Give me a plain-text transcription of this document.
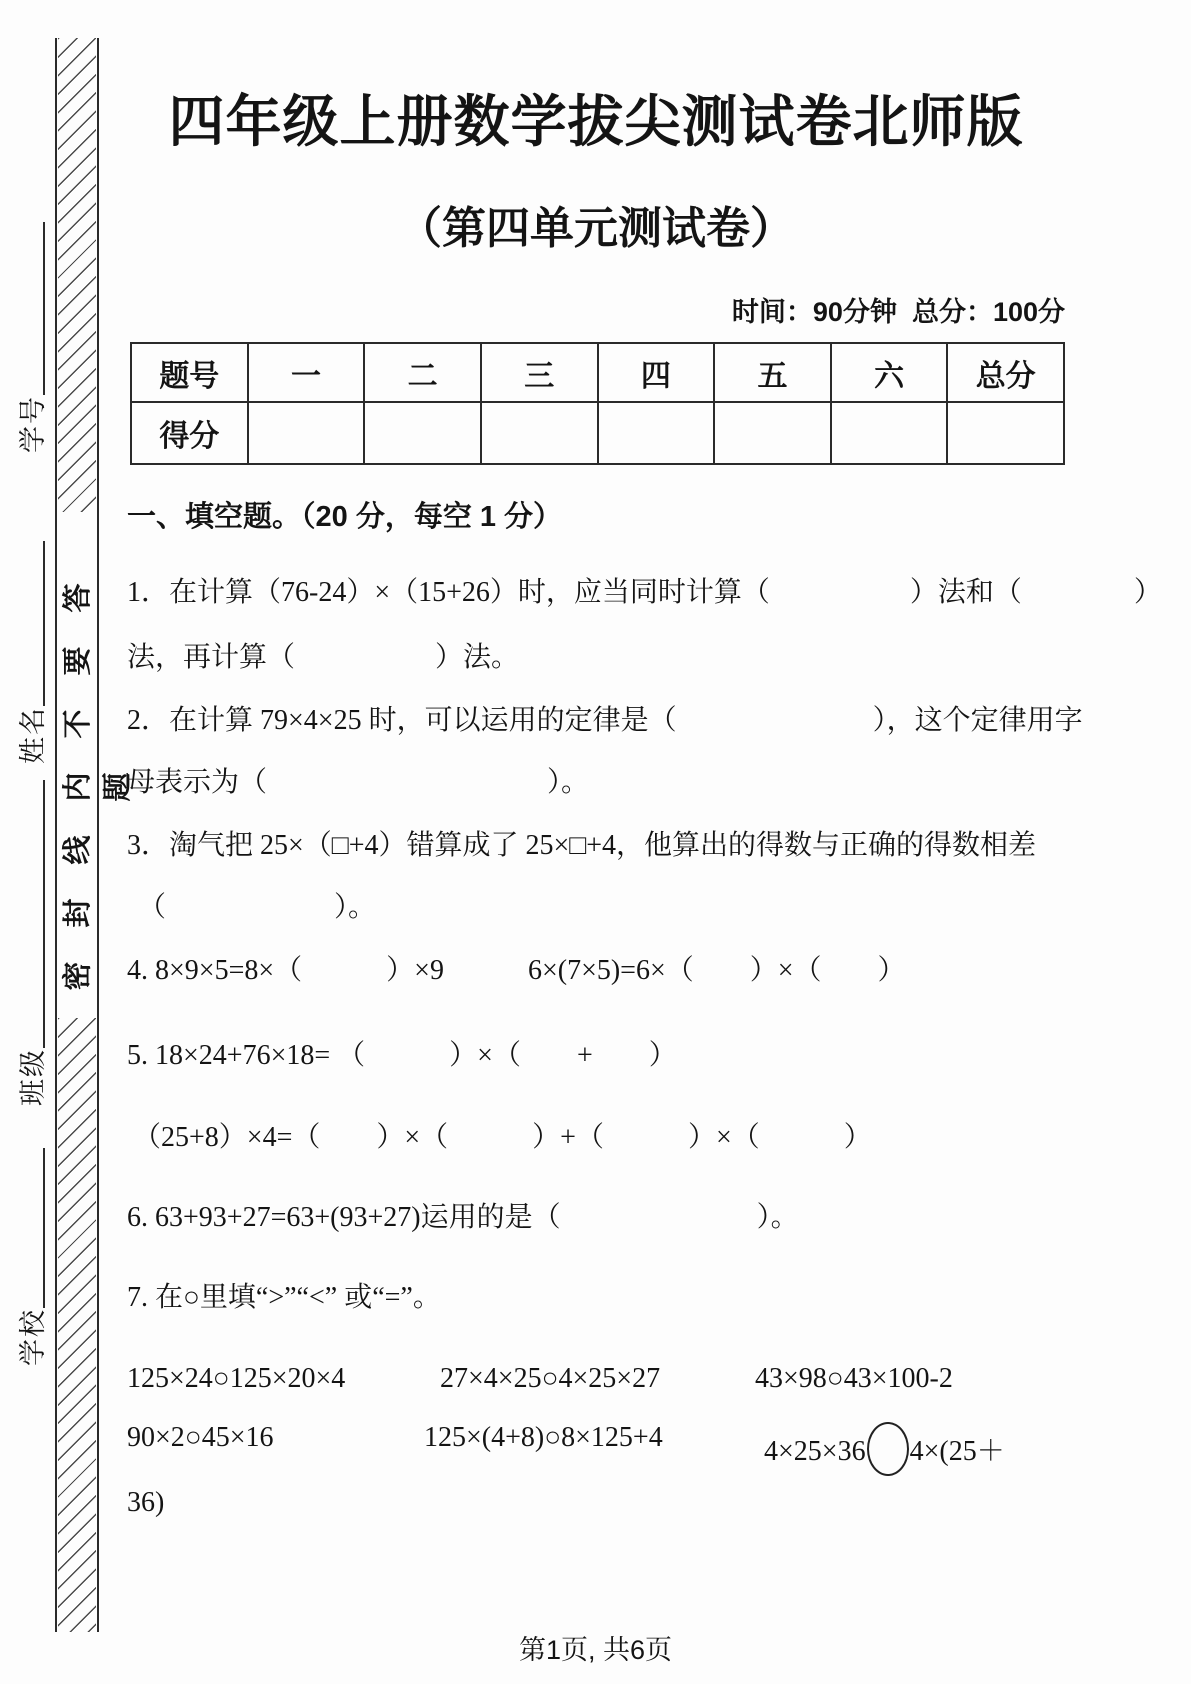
学校
班级
姓名
学号
密封线内不要答题
四年级上册数学拔尖测试卷北师版
（第四单元测试卷）
时间：90分钟  总分：100分
题号	一	二	三	四	五	六	总分
得分							
一、填空题。（20 分，每空 1 分）
1．在计算（76-24）×（15+26）时，应当同时计算（　　　　　）法和（　　　　）
法，再计算（　　　　　）法。
2．在计算 79×4×25 时，可以运用的定律是（　　　　　　　），这个定律用字
母表示为（　　　　　　　　　　）。
3．淘气把 25×（□+4）错算成了 25×□+4，他算出的得数与正确的得数相差
（　　　　　　）。
4. 8×9×5=8×（　　　）×9　　　6×(7×5)=6×（　　）×（　　）
5. 18×24+76×18= （　　　）×（　　+　　）
（25+8）×4=（　　）×（　　　）+（　　　）×（　　　）
6. 63+93+27=63+(93+27)运用的是（　　　　　　　）。
7. 在○里填“>”“<” 或“=”。
125×24○125×20×4	27×4×25○4×25×27	43×98○43×100-2
90×2○45×16	125×(4+8)○8×125+4	4×25×36 4×(25＋
36)
第1页, 共6页
